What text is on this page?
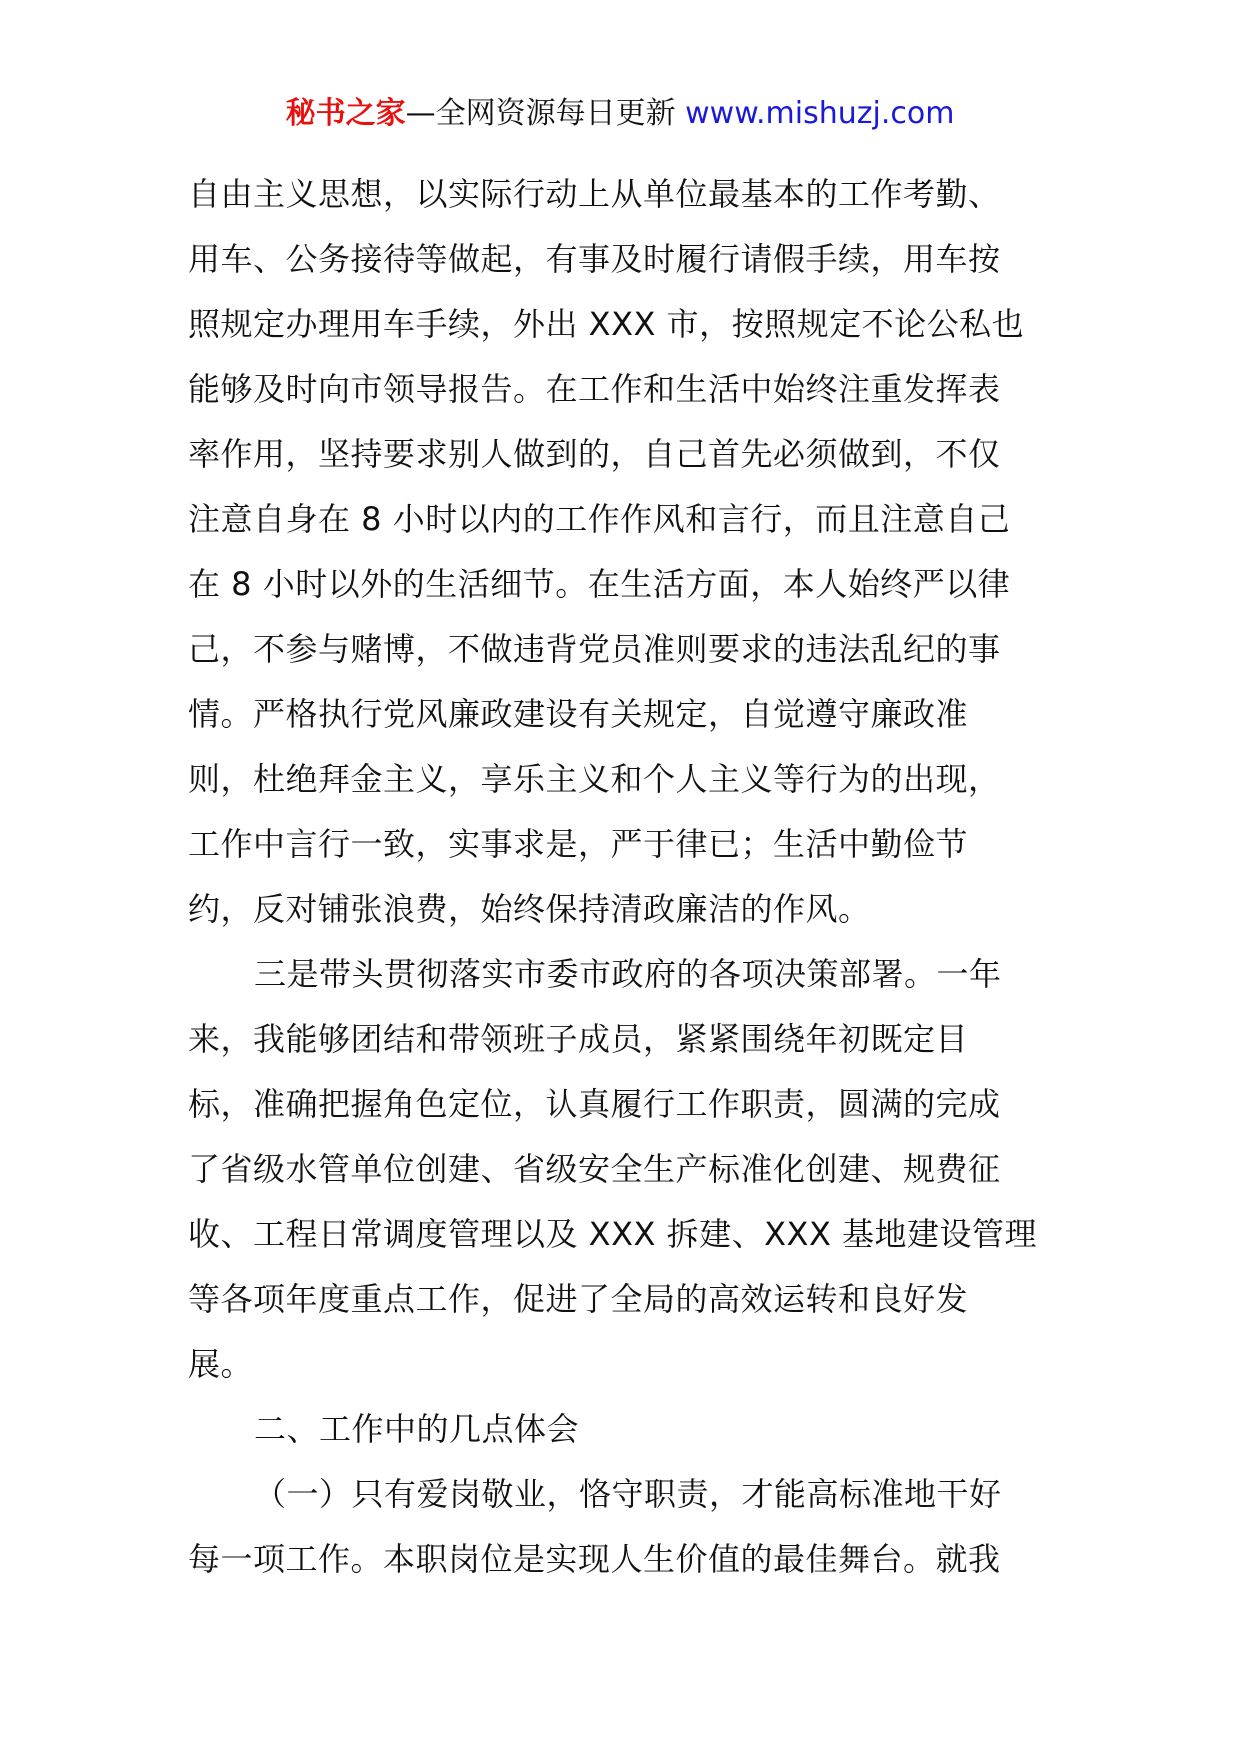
秘书之家—全网资源每日更新 www.mishuzj.com
自由主义思想，以实际行动上从单位最基本的工作考勤、
用车、公务接待等做起，有事及时履行请假手续，用车按
照规定办理用车手续，外出 XXX 市，按照规定不论公私也
能够及时向市领导报告。在工作和生活中始终注重发挥表
率作用，坚持要求别人做到的，自己首先必须做到，不仅
注意自身在 8 小时以内的工作作风和言行，而且注意自己
在 8 小时以外的生活细节。在生活方面，本人始终严以律
己，不参与赌博，不做违背党员准则要求的违法乱纪的事
情。严格执行党风廉政建设有关规定，自觉遵守廉政准
则，杜绝拜金主义，享乐主义和个人主义等行为的出现，
工作中言行一致，实事求是，严于律已；生活中勤俭节
约，反对铺张浪费，始终保持清政廉洁的作风。
三是带头贯彻落实市委市政府的各项决策部署。一年
来，我能够团结和带领班子成员，紧紧围绕年初既定目
标，准确把握角色定位，认真履行工作职责，圆满的完成
了省级水管单位创建、省级安全生产标准化创建、规费征
收、工程日常调度管理以及 XXX 拆建、XXX 基地建设管理
等各项年度重点工作，促进了全局的高效运转和良好发
展。
二、工作中的几点体会
（一）只有爱岗敬业，恪守职责，才能高标准地干好
每一项工作。本职岗位是实现人生价值的最佳舞台。就我
